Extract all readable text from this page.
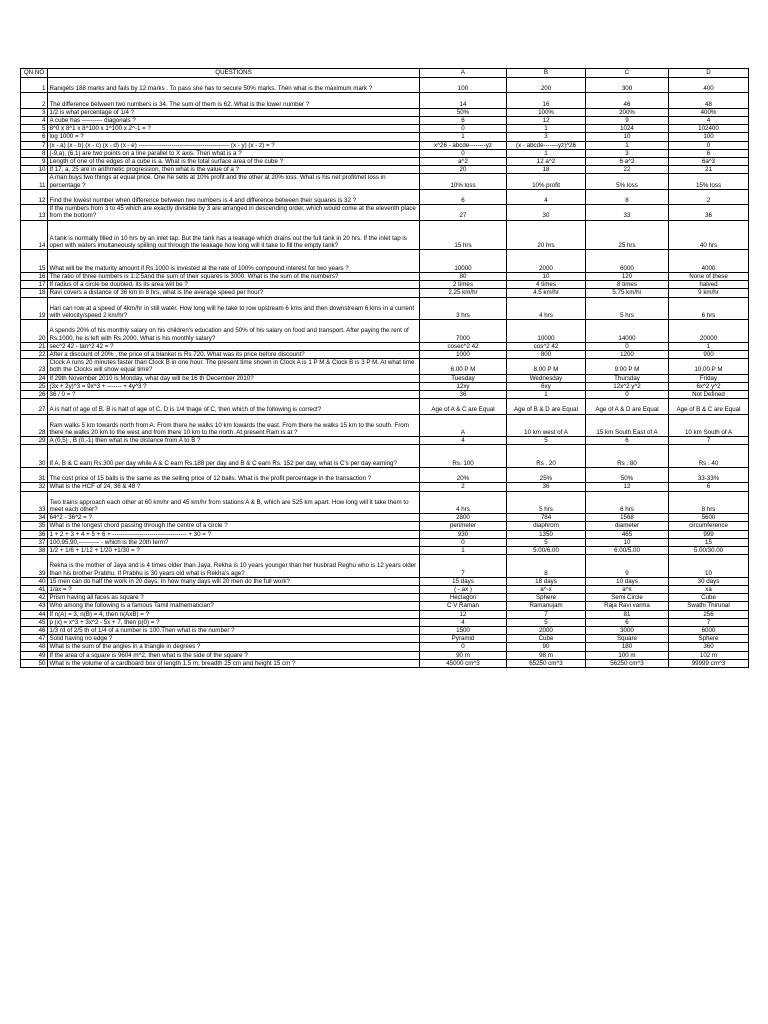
QN NO	QUESTIONS	A	B	C	D
1	Ranigets 188 marks and fails by 12 marks . To pass she has to secure 50% marks. Then what is the maximum mark ?	100	200	300	400
2	The difference between two numbers is 34. The sum of them is 62. What is the lower number ?	14	16	46	48
3	1/2 is what percentage of 1/4 ?	50%	100%	200%	400%
4	A cube has ---------- diagonals ?	6	12	9	4
5	8^0 x 8^1 x 8^100 x 1^100 x 2^-1 = ?	0	1	1024	102400
6	log 1000 = ?	1	3	10	100
7	(x - a) (x - b) (x - c) (x - d) (x - e) -------------------------------------------- (x - y) (x - z) = ?	x^26 - abcde--------yz	(x - abcde-------yz)^26	1	0
8	(-9,a), (6,1) are two points on a line parallel to X axis. Then what is a ?	0	1	3	6
9	Length of one of the edges of a cube is a. What is the total surface area of the cube ?	a^2	12 a^2	6 a^2	6a^3
10	If 17, a, 25 are in arithmetic progression, then what is the value of a ?	20	18	22	21
11	A man buys two things at equal price. One he sells at 10% profit and the other at 20% loss. What is his net profit/net loss in percentage ?	10% loss	10% profit	5% loss	15% loss
12	Find the lowest number when difference between two numbers is 4 and difference between their squares is 32 ?	6	4	8	2
13	If the numbers from 3 to 45 which are exactly divisible by 3 are arranged in descending order, which would come at the eleventh place from the bottom?	27	30	33	36
14	A tank is normally filled in 10 hrs by an inlet tap. But the tank has a leakage which drains out the full tank in 20 hrs. If the inlet tap is open with waters imultaneously spilling out through the leakage how long will it take to fill the empty tank?	15 hrs	20 hrs	25 hrs	40 hrs
15	What will be the maturity amount if Rs.1000 is invested at the rate of 100% compound interest for two years ?	10000	2000	6000	4000
16	The ratio of three numbers is 1:2:5and the sum of their squares is 3000. What is the sum of the numbers?	80	10	120	None of these
17	If radius of a circle be doubled, its its area will be ?	2 times	4 times	8 times	halved
18	Ravi covers a distance of 36 km in 8 hrs, what is the average speed per hour?	2.25 km/hr	4.5 km/hr	5.75 km/hr	9 km/hr
19	Hari can row at a speed of 4km/hr in still water. How long will he take to row upstream 6 kms and then downstream 6 kms in a current with velocity/speed 2 km/hr?	3 hrs	4 hrs	5 hrs	6 hrs
20	A spends 20% of his monthly salary on his children's education and 50% of his salary on food and transport. After paying the rent of Rs.1000, he is left with Rs 2000. What is his monthly salary?	7000	10000	14000	20000
21	sec^2 42 - tan^2 42 = ?	cosec^2 42	cos^2 42	0	1
22	After a discount of 20% , the price of a blanket is Rs 720. What was its price before discount?	1000	800	1200	900
23	Clock A runs 20 minutes faster than Clock B in one hour. The present time shown in Clock A is 1 P M & Clock B is 3 P M. At what time both the Clocks will show equal time?	6.00 P M	8.00 P M	9.00 P M	10.00 P M
24	If 29th November 2010 is Monday, what day will be 16 th December 2010?	Tuesday	Wednesday	Thursday	Friday
25	(3x + 2y)^3 = 9x^3 + ------- + 4y^3 ?	12xy	6xy	12x^2 y^2	6x^2 y^2
26	36 / 0 = ?	36	1	0	Not Defined
27	A is half of age of B. B is half of age of C. D is 1/4 thage of C, then which of the following is correct?	Age of A & C are Equal	Age of B & D are Equal	Age of A & D are Equal	Age of B & C are Equal
28	Ram walks 5 km towards north from A. From there he walks 10 km towards the east. From there he walks 15 km to the south. From there he walks 20 km to the west and from there 10 km to the north. At present Ram is at ?	A	10 km west of A	15 km South East of A	10 km South of A
29	A (0,5) , B (0,-1) then what is the distance from A to B ?	4	5	6	7
30	If A, B & C earn Rs.300 per day while A & C earn Rs.188 per day and B & C earn Rs. 152 per day, what is C's per day earning?	Rs. 100	Rs . 20	Rs . 80	Rs . 40
31	The cost price of 15 balls is the same as the selling price of 12 balls. What is the profit percentage in the transaction ?	20%	25%	50%	33-33%
32	What is the HCF of 24, 36 & 48 ?	2	36	12	6
33	Two trains approach each other at 60 km/hr and 45 km/hr from stations A & B, which are 525 km apart. How long will it take them to meet each other?	4 hrs	5 hrs	6 hrs	8 hrs
34	64^2 - 36^2 = ?	2800	784	1568	5600
35	What is the longest chord passing through the centre of a circle ?	perimeter	diaphrom	diameter	circumference
36	1 + 2 + 3 + 4 + 5 + 6 + ------------------------------------ + 30 = ?	930	1350	465	999
37	100,95,90,---------- - which is the 20th term?	0	5	10	15
38	1/2 + 1/6 + 1/12 + 1/20 +1/30 = ?	1	5.00/6.00	6.00/5.00	5.00/30.00
39	Rekha is the mother of Jaya and is 4 times older than Jaya. Rekha is 10 years younger than her husbrad Reghu who is 12 years older than his brother Prabhu. If Prabhu is 30 years old what is Rekha's age?	7	8	9	10
40	15 men can do half the work in 20 days. In how many days will 20 men do the full work?	15 days	18 days	10 days	30 days
41	1/ax = ?	( - ax )	a^-x	a^x	xa
42	Prism having all faces as square ?	Hectagon	Sphere	Semi Circle	Cube
43	Who among the following is a famous Tamil mathematician?	C V Raman	Ramanujam	Raja Ravi varma	Swathi Thirunal
44	If n(A) = 3, n(B) = 4, then n(AxB) = ?	12	7	81	256
45	p (x) = x^3 + 3x^2 - 5x + 7, then p(0) = ?	4	5	6	7
46	1/3 rd of 2/5 th of 1/4 of a number is 100.Then what is the number ?	1500	2000	3000	6000
47	Solid having no edge ?	Pyramid	Cube	Square	Sphere
48	What is the sum of the angles in a triangle in degrees ?	0	90	180	360
49	If the area of a square is 9604 m^2, then what is the side of the square ?	90 m	98 m	100 m	102 m
50	What is the volume of a cardboard box of length 1.5 m, breadth 25 cm and height 15 cm ?	45000 cm^3	65250 cm^3	56250 cm^3	99999 cm^3
